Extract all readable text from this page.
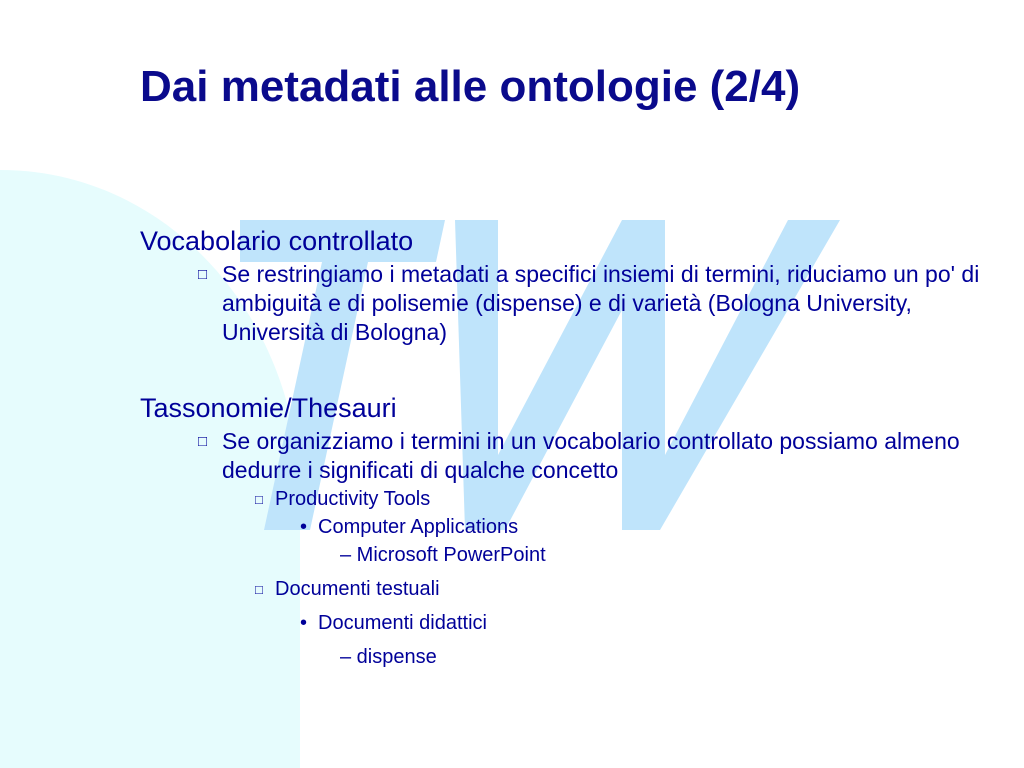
Dai metadati alle ontologie (2/4)
Vocabolario controllato
□ Se restringiamo i metadati a specifici insiemi di termini, riduciamo un po' di ambiguità e di polisemie (dispense) e di varietà (Bologna University, Università di Bologna)
Tassonomie/Thesauri
□ Se organizziamo i termini in un vocabolario controllato possiamo almeno dedurre i significati di qualche concetto
□ Productivity Tools
• Computer Applications
– Microsoft PowerPoint
□ Documenti testuali
• Documenti didattici
– dispense
